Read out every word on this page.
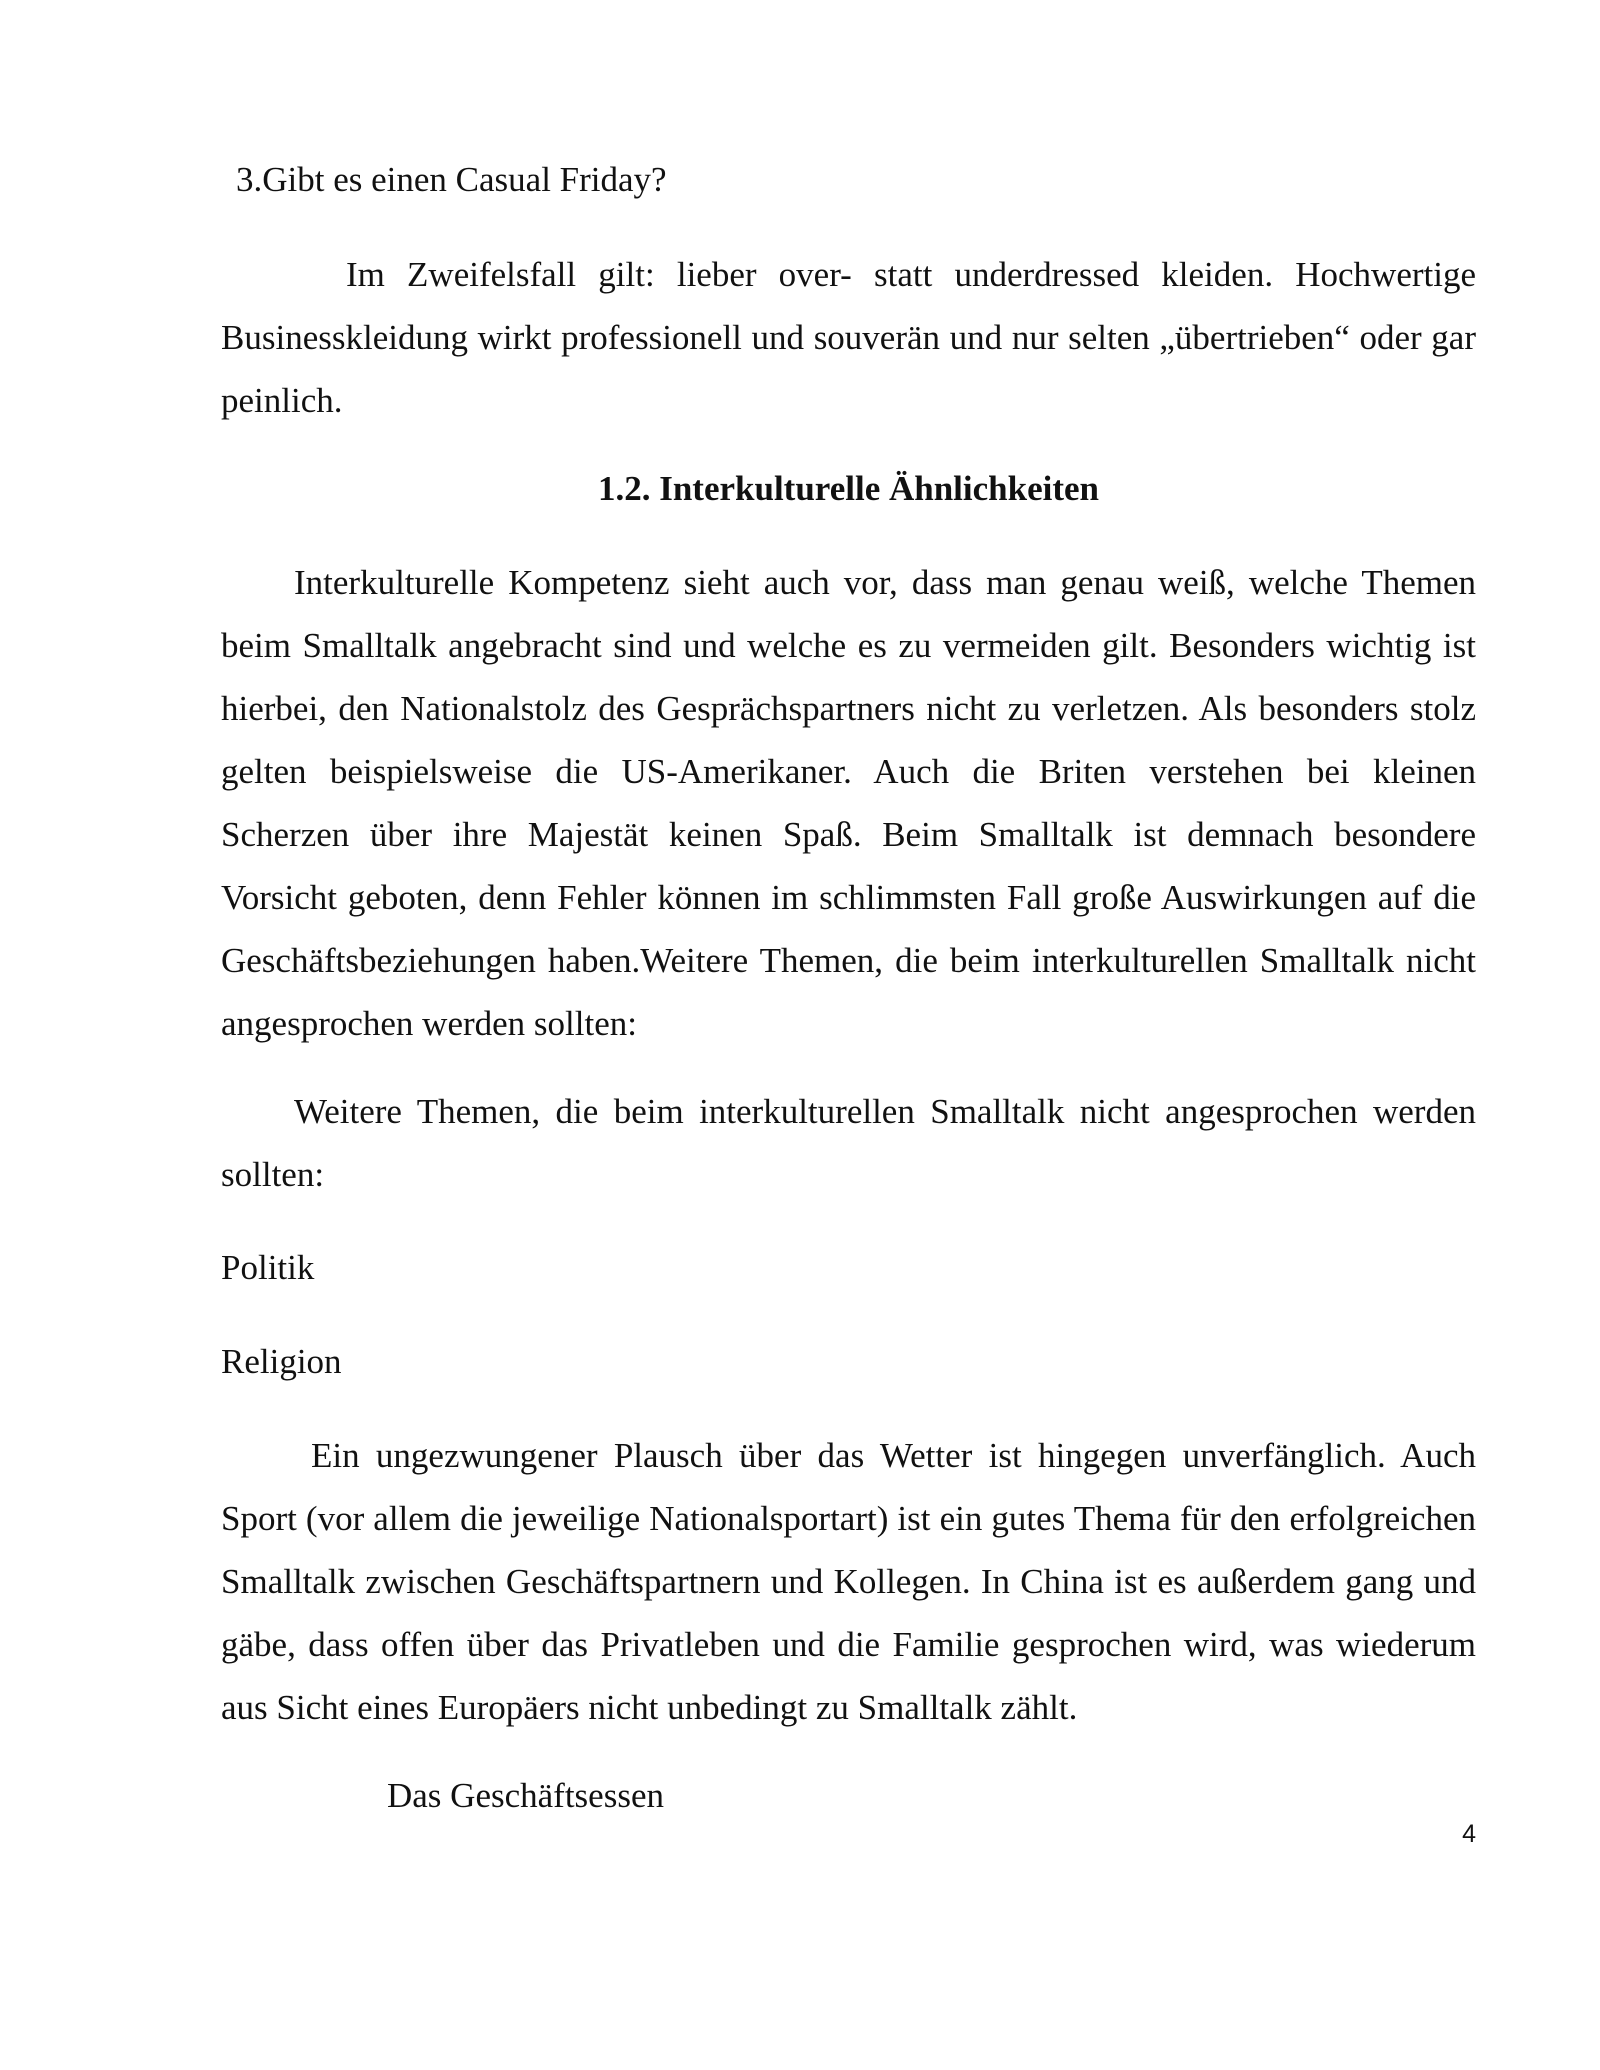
3.Gibt es einen Casual Friday?

Im Zweifelsfall gilt: lieber over- statt underdressed kleiden. Hochwertige Businesskleidung wirkt professionell und souverän und nur selten „übertrieben“ oder gar peinlich.

1.2. Interkulturelle Ähnlichkeiten

Interkulturelle Kompetenz sieht auch vor, dass man genau weiß, welche Themen beim Smalltalk angebracht sind und welche es zu vermeiden gilt. Besonders wichtig ist hierbei, den Nationalstolz des Gesprächspartners nicht zu verletzen. Als besonders stolz gelten beispielsweise die US-Amerikaner. Auch die Briten verstehen bei kleinen Scherzen über ihre Majestät keinen Spaß. Beim Smalltalk ist demnach besondere Vorsicht geboten, denn Fehler können im schlimmsten Fall große Auswirkungen auf die Geschäftsbeziehungen haben.Weitere Themen, die beim interkulturellen Smalltalk nicht angesprochen werden sollten:

Weitere Themen, die beim interkulturellen Smalltalk nicht angesprochen werden sollten:

Politik

Religion

Ein ungezwungener Plausch über das Wetter ist hingegen unverfänglich. Auch Sport (vor allem die jeweilige Nationalsportart) ist ein gutes Thema für den erfolgreichen Smalltalk zwischen Geschäftspartnern und Kollegen. In China ist es außerdem gang und gäbe, dass offen über das Privatleben und die Familie gesprochen wird, was wiederum aus Sicht eines Europäers nicht unbedingt zu Smalltalk zählt.

Das Geschäftsessen

4
